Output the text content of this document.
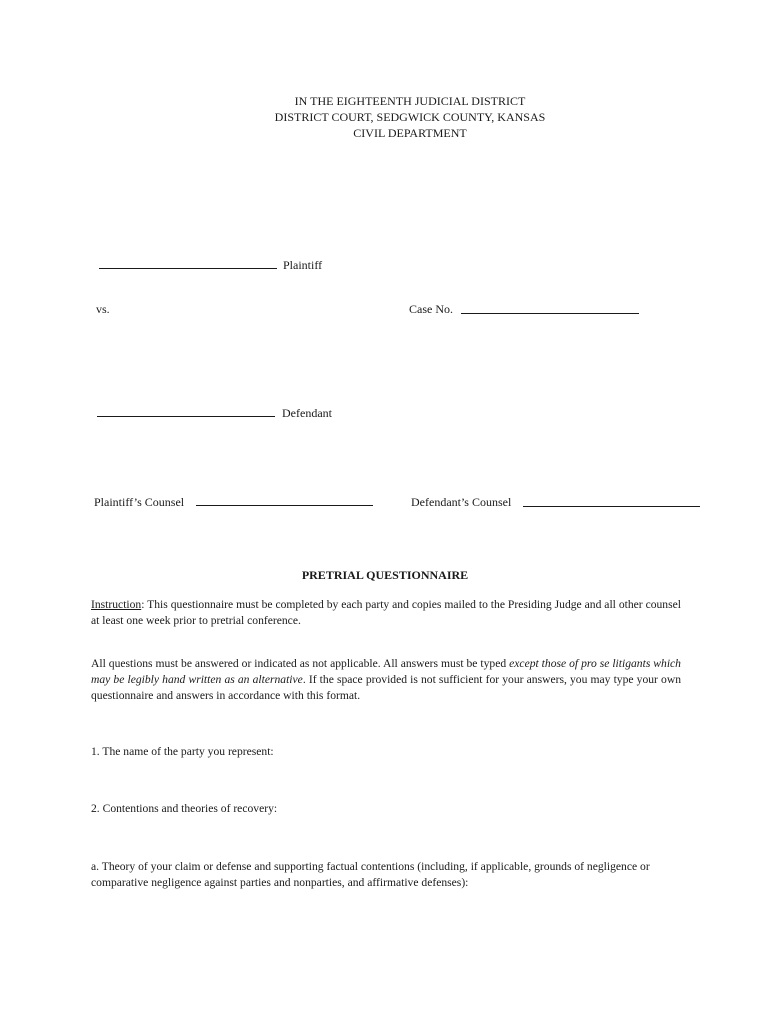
IN THE EIGHTEENTH JUDICIAL DISTRICT
DISTRICT COURT, SEDGWICK COUNTY, KANSAS
CIVIL DEPARTMENT
Plaintiff
vs.	Case No.
Defendant
Plaintiff’s Counsel	Defendant’s Counsel
PRETRIAL QUESTIONNAIRE
Instruction: This questionnaire must be completed by each party and copies mailed to the Presiding Judge and all other counsel at least one week prior to pretrial conference.
All questions must be answered or indicated as not applicable. All answers must be typed except those of pro se litigants which may be legibly hand written as an alternative. If the space provided is not sufficient for your answers, you may type your own questionnaire and answers in accordance with this format.
1. The name of the party you represent:
2. Contentions and theories of recovery:
a. Theory of your claim or defense and supporting factual contentions (including, if applicable, grounds of negligence or comparative negligence against parties and nonparties, and affirmative defenses):
